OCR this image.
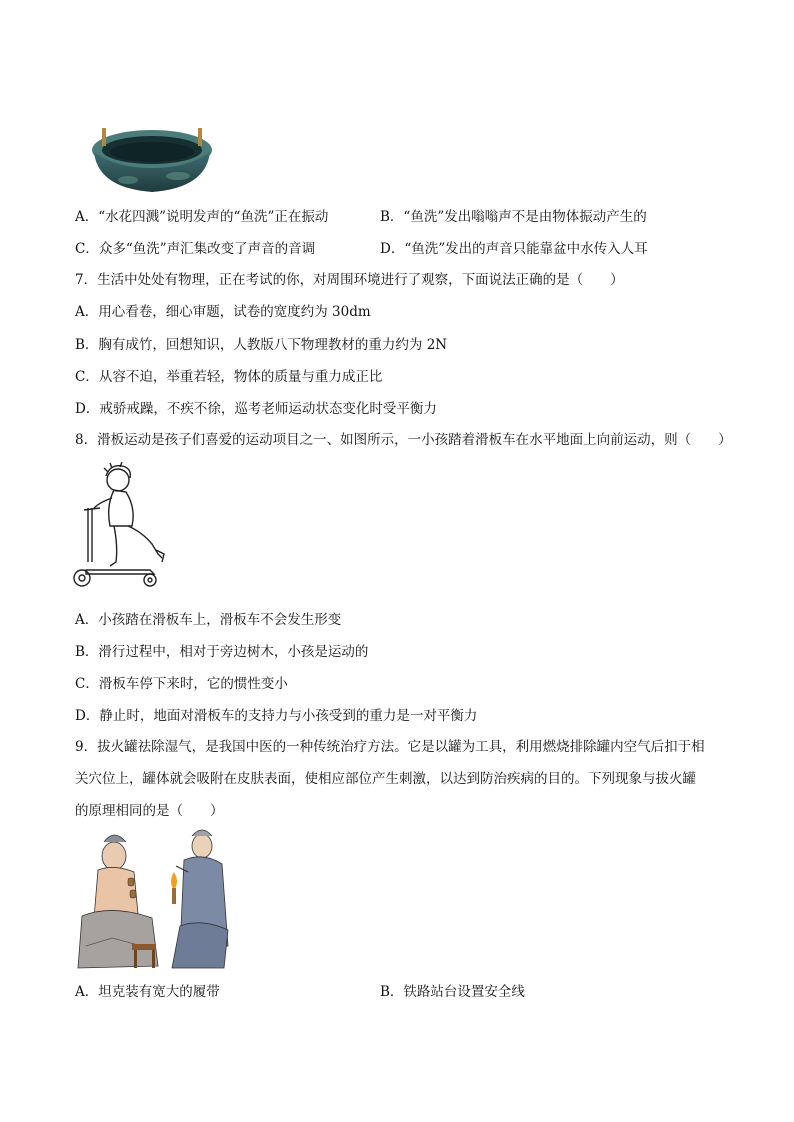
A．“水花四溅”说明发声的“鱼洗”正在振动	B．“鱼洗”发出嗡嗡声不是由物体振动产生的
C．众多“鱼洗”声汇集改变了声音的音调	D．“鱼洗”发出的声音只能靠盆中水传入人耳
7．生活中处处有物理，正在考试的你，对周围环境进行了观察，下面说法正确的是（　　）
A．用心看卷，细心审题，试卷的宽度约为 30dm
B．胸有成竹，回想知识，人教版八下物理教材的重力约为 2N
C．从容不迫，举重若轻，物体的质量与重力成正比
D．戒骄戒躁，不疾不徐，巡考老师运动状态变化时受平衡力
8．滑板运动是孩子们喜爱的运动项目之一、如图所示，一小孩踏着滑板车在水平地面上向前运动，则（　　）
A．小孩踏在滑板车上，滑板车不会发生形变
B．滑行过程中，相对于旁边树木，小孩是运动的
C．滑板车停下来时，它的惯性变小
D．静止时，地面对滑板车的支持力与小孩受到的重力是一对平衡力
9．拔火罐祛除湿气，是我国中医的一种传统治疗方法。它是以罐为工具，利用燃烧排除罐内空气后扣于相
关穴位上，罐体就会吸附在皮肤表面，使相应部位产生刺激，以达到防治疾病的目的。下列现象与拔火罐
的原理相同的是（　　）
A．坦克装有宽大的履带	B．铁路站台设置安全线
